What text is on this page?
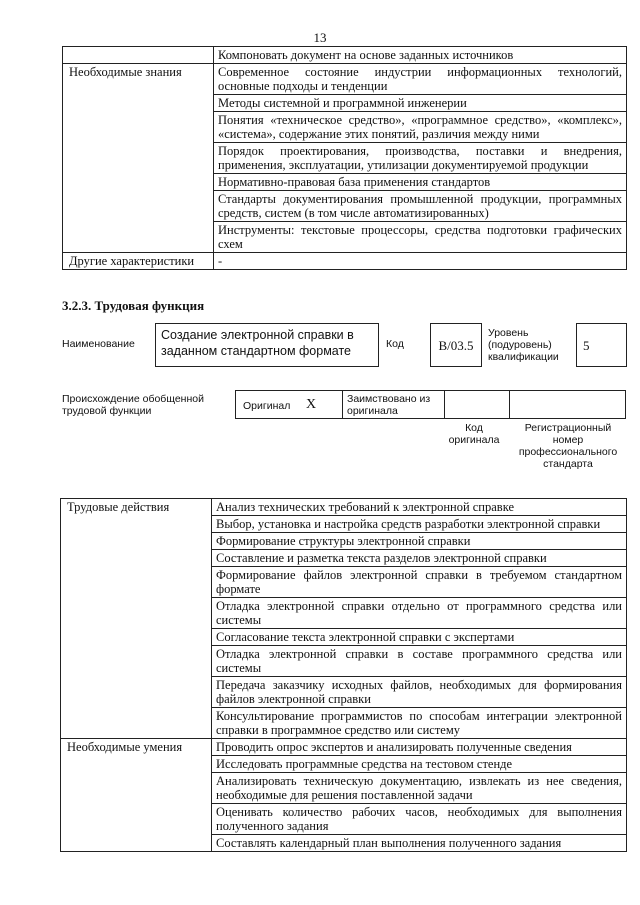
13
	Компоновать документ на основе заданных источников
Необходимые знания	Современное состояние индустрии информационных технологий, основные подходы и тенденции
	Методы системной и программной инженерии
	Понятия «техническое средство», «программное средство», «комплекс», «система», содержание этих понятий, различия между ними
	Порядок проектирования, производства, поставки и внедрения, применения, эксплуатации, утилизации документируемой продукции
	Нормативно-правовая база применения стандартов
	Стандарты документирования промышленной продукции, программных средств, систем (в том числе автоматизированных)
	Инструменты: текстовые процессоры, средства подготовки графических схем
Другие характеристики	-
3.2.3. Трудовая функция
Наименование
Создание электронной справки в заданном стандартном формате	Код	В/03.5
Уровень (подуровень) квалификации
5
Происхождение обобщенной трудовой функции	Оригинал X	Заимствовано из оригинала
Код оригинала
Регистрационный номер профессионального стандарта
Трудовые действия	Анализ технических требований к электронной справке
	Выбор, установка и настройка средств разработки электронной справки
	Формирование структуры электронной справки
	Составление и разметка текста разделов электронной справки
	Формирование файлов электронной справки в требуемом стандартном формате
	Отладка электронной справки отдельно от программного средства или системы
	Согласование текста электронной справки с экспертами
	Отладка электронной справки в составе программного средства или системы
	Передача заказчику исходных файлов, необходимых для формирования файлов электронной справки
	Консультирование программистов по способам интеграции электронной справки в программное средство или систему
Необходимые умения	Проводить опрос экспертов и анализировать полученные сведения
	Исследовать программные средства на тестовом стенде
	Анализировать техническую документацию, извлекать из нее сведения, необходимые для решения поставленной задачи
	Оценивать количество рабочих часов, необходимых для выполнения полученного задания
	Составлять календарный план выполнения полученного задания
